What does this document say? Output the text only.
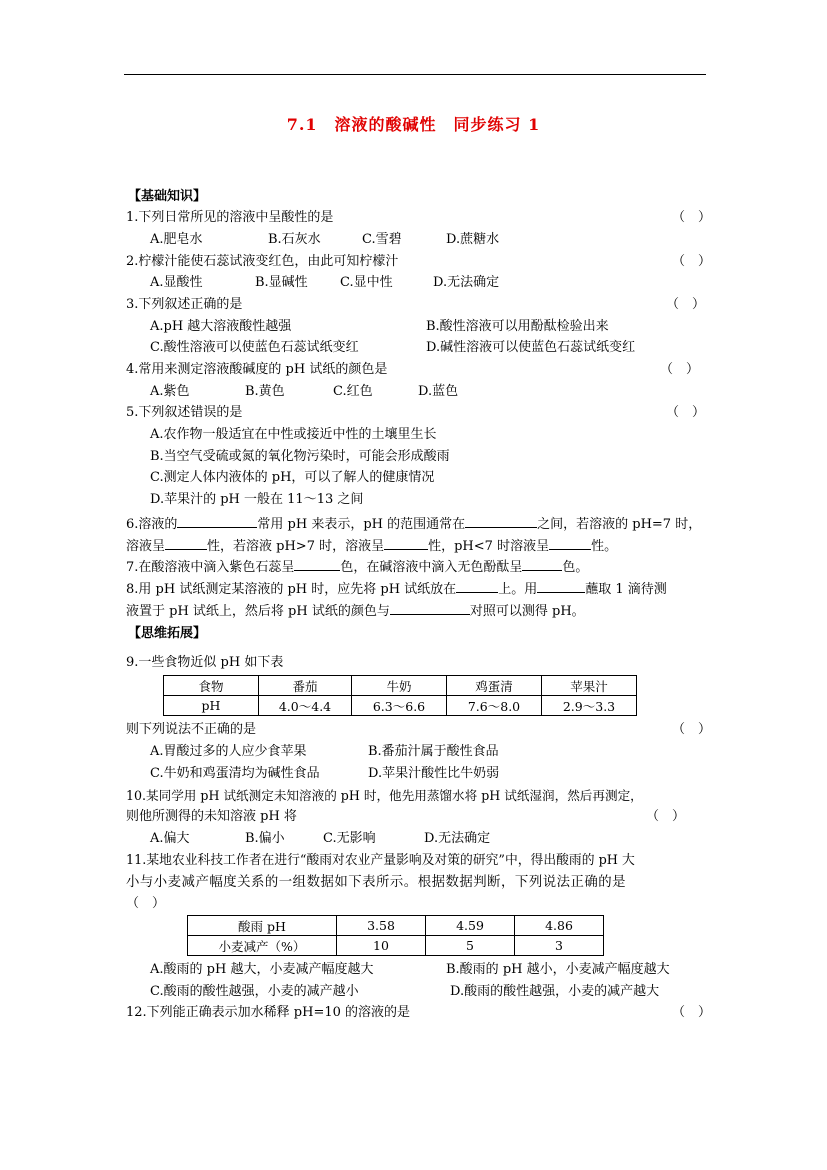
7.1　溶液的酸碱性　同步练习 1
【基础知识】
1.下列日常所见的溶液中呈酸性的是	（　）
A.肥皂水	B.石灰水	C.雪碧	D.蔗糖水
2.柠檬汁能使石蕊试液变红色，由此可知柠檬汁	（　）
A.显酸性	B.显碱性 C.显中性	D.无法确定
3.下列叙述正确的是	（　）
A.pH 越大溶液酸性越强	B.酸性溶液可以用酚酞检验出来
C.酸性溶液可以使蓝色石蕊试纸变红	D.碱性溶液可以使蓝色石蕊试纸变红
4.常用来测定溶液酸碱度的 pH 试纸的颜色是	（　）
A.紫色	B.黄色	C.红色	D.蓝色
5.下列叙述错误的是	（　）
A.农作物一般适宜在中性或接近中性的土壤里生长
B.当空气受硫或氮的氧化物污染时，可能会形成酸雨
C.测定人体内液体的 pH，可以了解人的健康情况
D.苹果汁的 pH 一般在 11～13 之间
6.溶液的	常用 pH 来表示，pH 的范围通常在	之间，若溶液的 pH=7 时，
溶液呈	性，若溶液 pH>7 时，溶液呈	性，pH<7 时溶液呈	性。
7.在酸溶液中滴入紫色石蕊呈	色，在碱溶液中滴入无色酚酞呈	色。
8.用 pH 试纸测定某溶液的 pH 时，应先将 pH 试纸放在	上。用	蘸取 1 滴待测
液置于 pH 试纸上，然后将 pH 试纸的颜色与	对照可以测得 pH。
【思维拓展】
9.一些食物近似 pH 如下表
食物	番茄	牛奶	鸡蛋清	苹果汁
pH	4.0～4.4	6.3～6.6	7.6～8.0	2.9～3.3
则下列说法不正确的是	（　）
A.胃酸过多的人应少食苹果	B.番茄汁属于酸性食品
C.牛奶和鸡蛋清均为碱性食品	D.苹果汁酸性比牛奶弱
10.某同学用 pH 试纸测定未知溶液的 pH 时，他先用蒸馏水将 pH 试纸湿润，然后再测定，
则他所测得的未知溶液 pH 将	（　）
A.偏大	B.偏小	C.无影响	D.无法确定
11.某地农业科技工作者在进行“酸雨对农业产量影响及对策的研究”中，得出酸雨的 pH 大
小与小麦减产幅度关系的一组数据如下表所示。根据数据判断，下列说法正确的是
（　）
酸雨 pH	3.58	4.59	4.86
小麦减产（%）	10	5	3
A.酸雨的 pH 越大，小麦减产幅度越大	B.酸雨的 pH 越小，小麦减产幅度越大
C.酸雨的酸性越强，小麦的减产越小	D.酸雨的酸性越强，小麦的减产越大
12.下列能正确表示加水稀释 pH=10 的溶液的是	（　）
